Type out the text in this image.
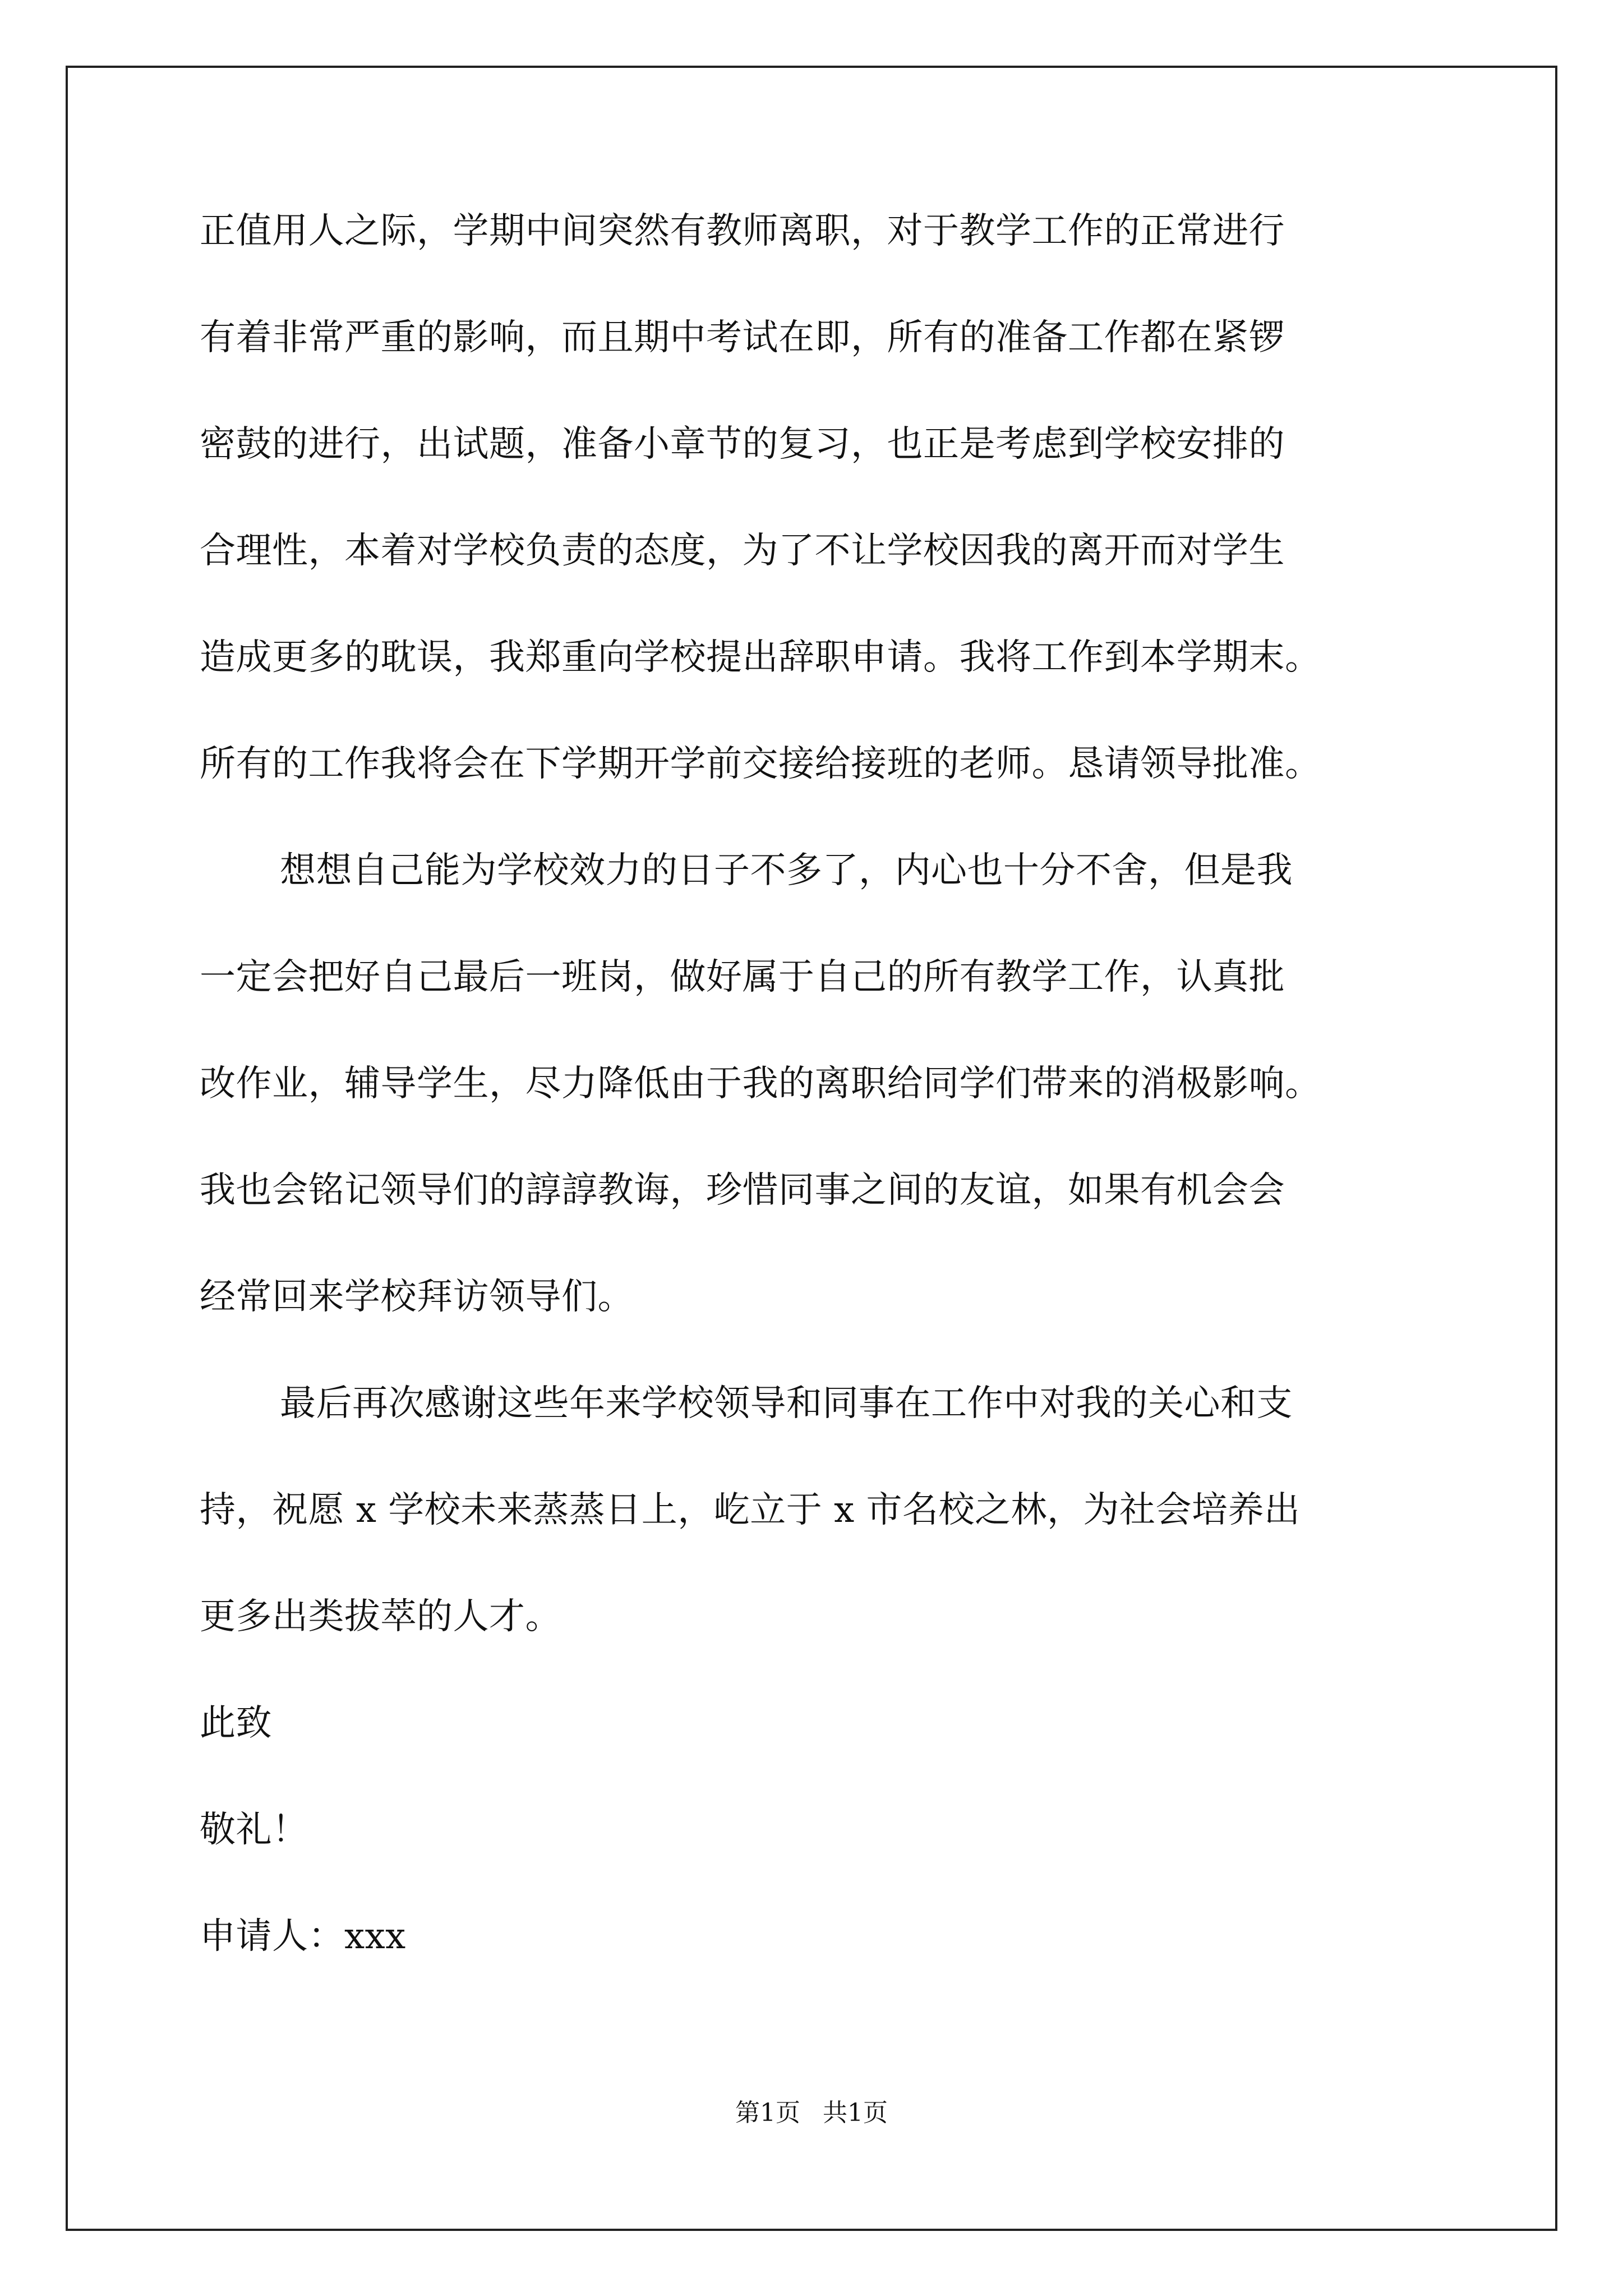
正值用人之际，学期中间突然有教师离职，对于教学工作的正常进行
有着非常严重的影响，而且期中考试在即，所有的准备工作都在紧锣
密鼓的进行，出试题，准备小章节的复习，也正是考虑到学校安排的
合理性，本着对学校负责的态度，为了不让学校因我的离开而对学生
造成更多的耽误，我郑重向学校提出辞职申请。我将工作到本学期末。
所有的工作我将会在下学期开学前交接给接班的老师。恳请领导批准。
想想自己能为学校效力的日子不多了，内心也十分不舍，但是我
一定会把好自己最后一班岗，做好属于自己的所有教学工作，认真批
改作业，辅导学生，尽力降低由于我的离职给同学们带来的消极影响。
我也会铭记领导们的諄諄教诲，珍惜同事之间的友谊，如果有机会会
经常回来学校拜访领导们。
最后再次感谢这些年来学校领导和同事在工作中对我的关心和支
持，祝愿 x 学校未来蒸蒸日上，屹立于 x 市名校之林，为社会培养出
更多出类拔萃的人才。
此致
敬礼！
申请人：xxx
第1页 共1页
